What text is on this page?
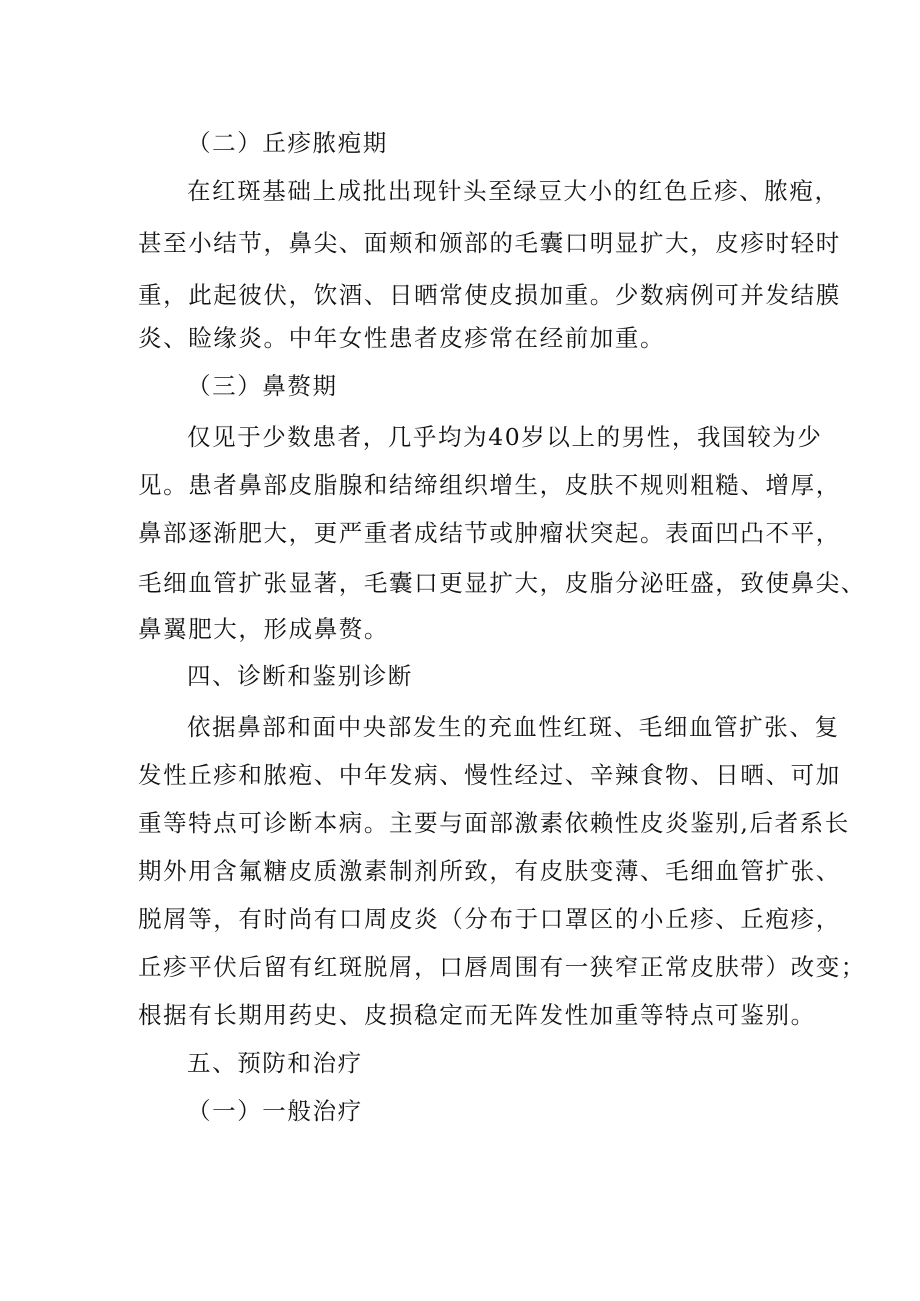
（二）丘疹脓疱期
在红斑基础上成批出现针头至绿豆大小的红色丘疹、脓疱，
甚至小结节，鼻尖、面颊和颁部的毛囊口明显扩大，皮疹时轻时
重，此起彼伏，饮酒、日晒常使皮损加重。少数病例可并发结膜
炎、睑缘炎。中年女性患者皮疹常在经前加重。
（三）鼻赘期
仅见于少数患者，几乎均为40岁以上的男性，我国较为少
见。患者鼻部皮脂腺和结缔组织增生，皮肤不规则粗糙、增厚，
鼻部逐渐肥大，更严重者成结节或肿瘤状突起。表面凹凸不平，
毛细血管扩张显著，毛囊口更显扩大，皮脂分泌旺盛，致使鼻尖、
鼻翼肥大，形成鼻赘。
四、诊断和鉴别诊断
依据鼻部和面中央部发生的充血性红斑、毛细血管扩张、复
发性丘疹和脓疱、中年发病、慢性经过、辛辣食物、日晒、可加
重等特点可诊断本病。主要与面部激素依赖性皮炎鉴别,后者系长
期外用含氟糖皮质激素制剂所致，有皮肤变薄、毛细血管扩张、
脱屑等，有时尚有口周皮炎（分布于口罩区的小丘疹、丘疱疹，
丘疹平伏后留有红斑脱屑，口唇周围有一狭窄正常皮肤带）改变；
根据有长期用药史、皮损稳定而无阵发性加重等特点可鉴别。
五、预防和治疗
（一）一般治疗
